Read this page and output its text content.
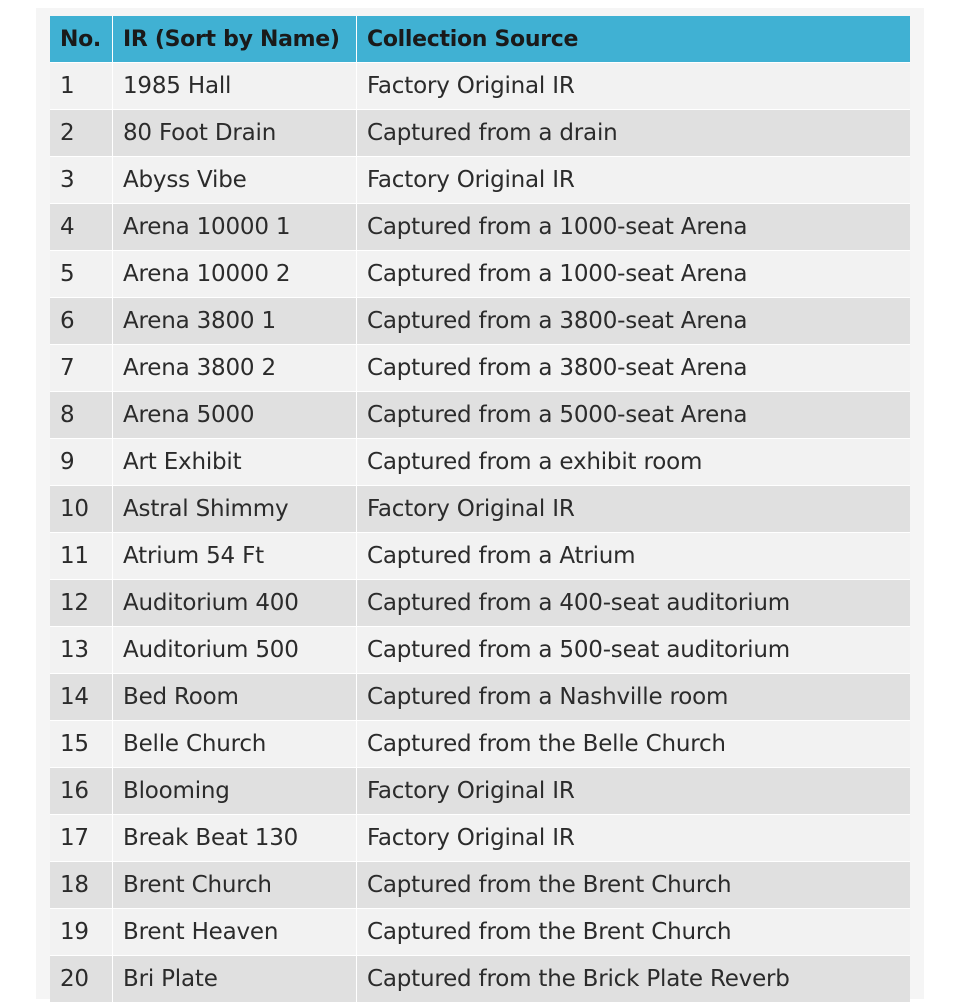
No.	IR (Sort by Name)	Collection Source
1	1985 Hall	Factory Original IR
2	80 Foot Drain	Captured from a drain
3	Abyss Vibe	Factory Original IR
4	Arena 10000 1	Captured from a 1000-seat Arena
5	Arena 10000 2	Captured from a 1000-seat Arena
6	Arena 3800 1	Captured from a 3800-seat Arena
7	Arena 3800 2	Captured from a 3800-seat Arena
8	Arena 5000	Captured from a 5000-seat Arena
9	Art Exhibit	Captured from a exhibit room
10	Astral Shimmy	Factory Original IR
11	Atrium 54 Ft	Captured from a Atrium
12	Auditorium 400	Captured from a 400-seat auditorium
13	Auditorium 500	Captured from a 500-seat auditorium
14	Bed Room	Captured from a Nashville room
15	Belle Church	Captured from the Belle Church
16	Blooming	Factory Original IR
17	Break Beat 130	Factory Original IR
18	Brent Church	Captured from the Brent Church
19	Brent Heaven	Captured from the Brent Church
20	Bri Plate	Captured from the Brick Plate Reverb
